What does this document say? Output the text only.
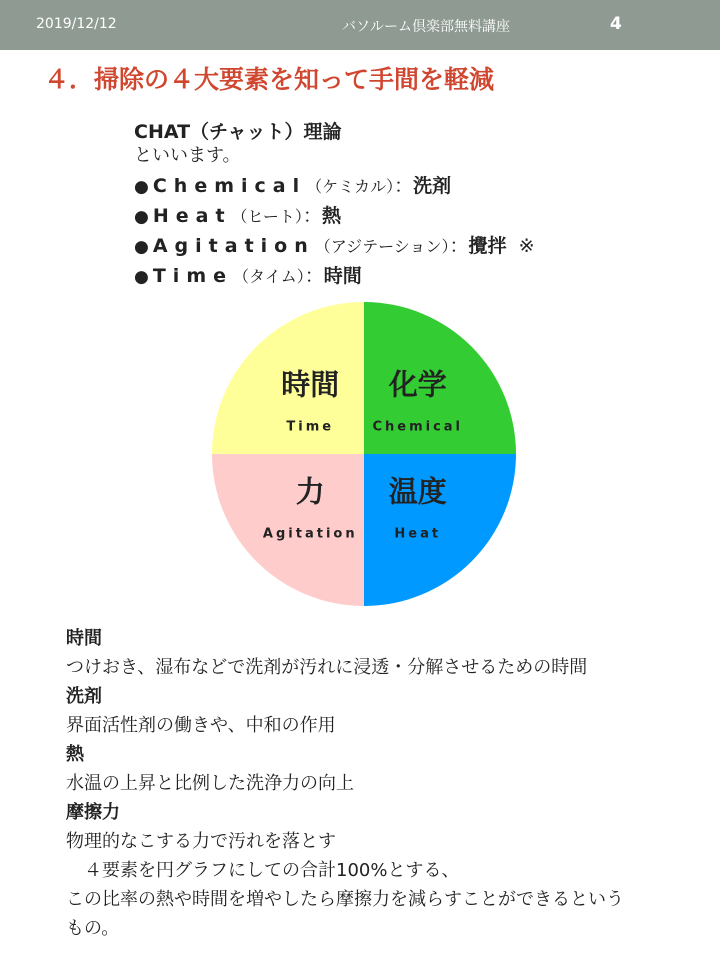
2019/12/12	バソルーム倶楽部無料講座	4
４．掃除の４大要素を知って手間を軽減
CHAT（チャット）理論
といいます。
● Chemical（ケミカル）：洗剤
● Heat（ヒート）：熱
● Agitation（アジテーション）：攪拌 ※
● Time（タイム）：時間
化学
Chemical
温度
Heat
力
Agitation
時間
Time
時間
つけおき、湿布などで洗剤が汚れに浸透・分解させるための時間
洗剤
界面活性剤の働きや、中和の作用
熱
水温の上昇と比例した洗浄力の向上
摩擦力
物理的なこする力で汚れを落とす
　４要素を円グラフにしての合計100%とする、
この比率の熱や時間を増やしたら摩擦力を減らすことができるという
もの。
